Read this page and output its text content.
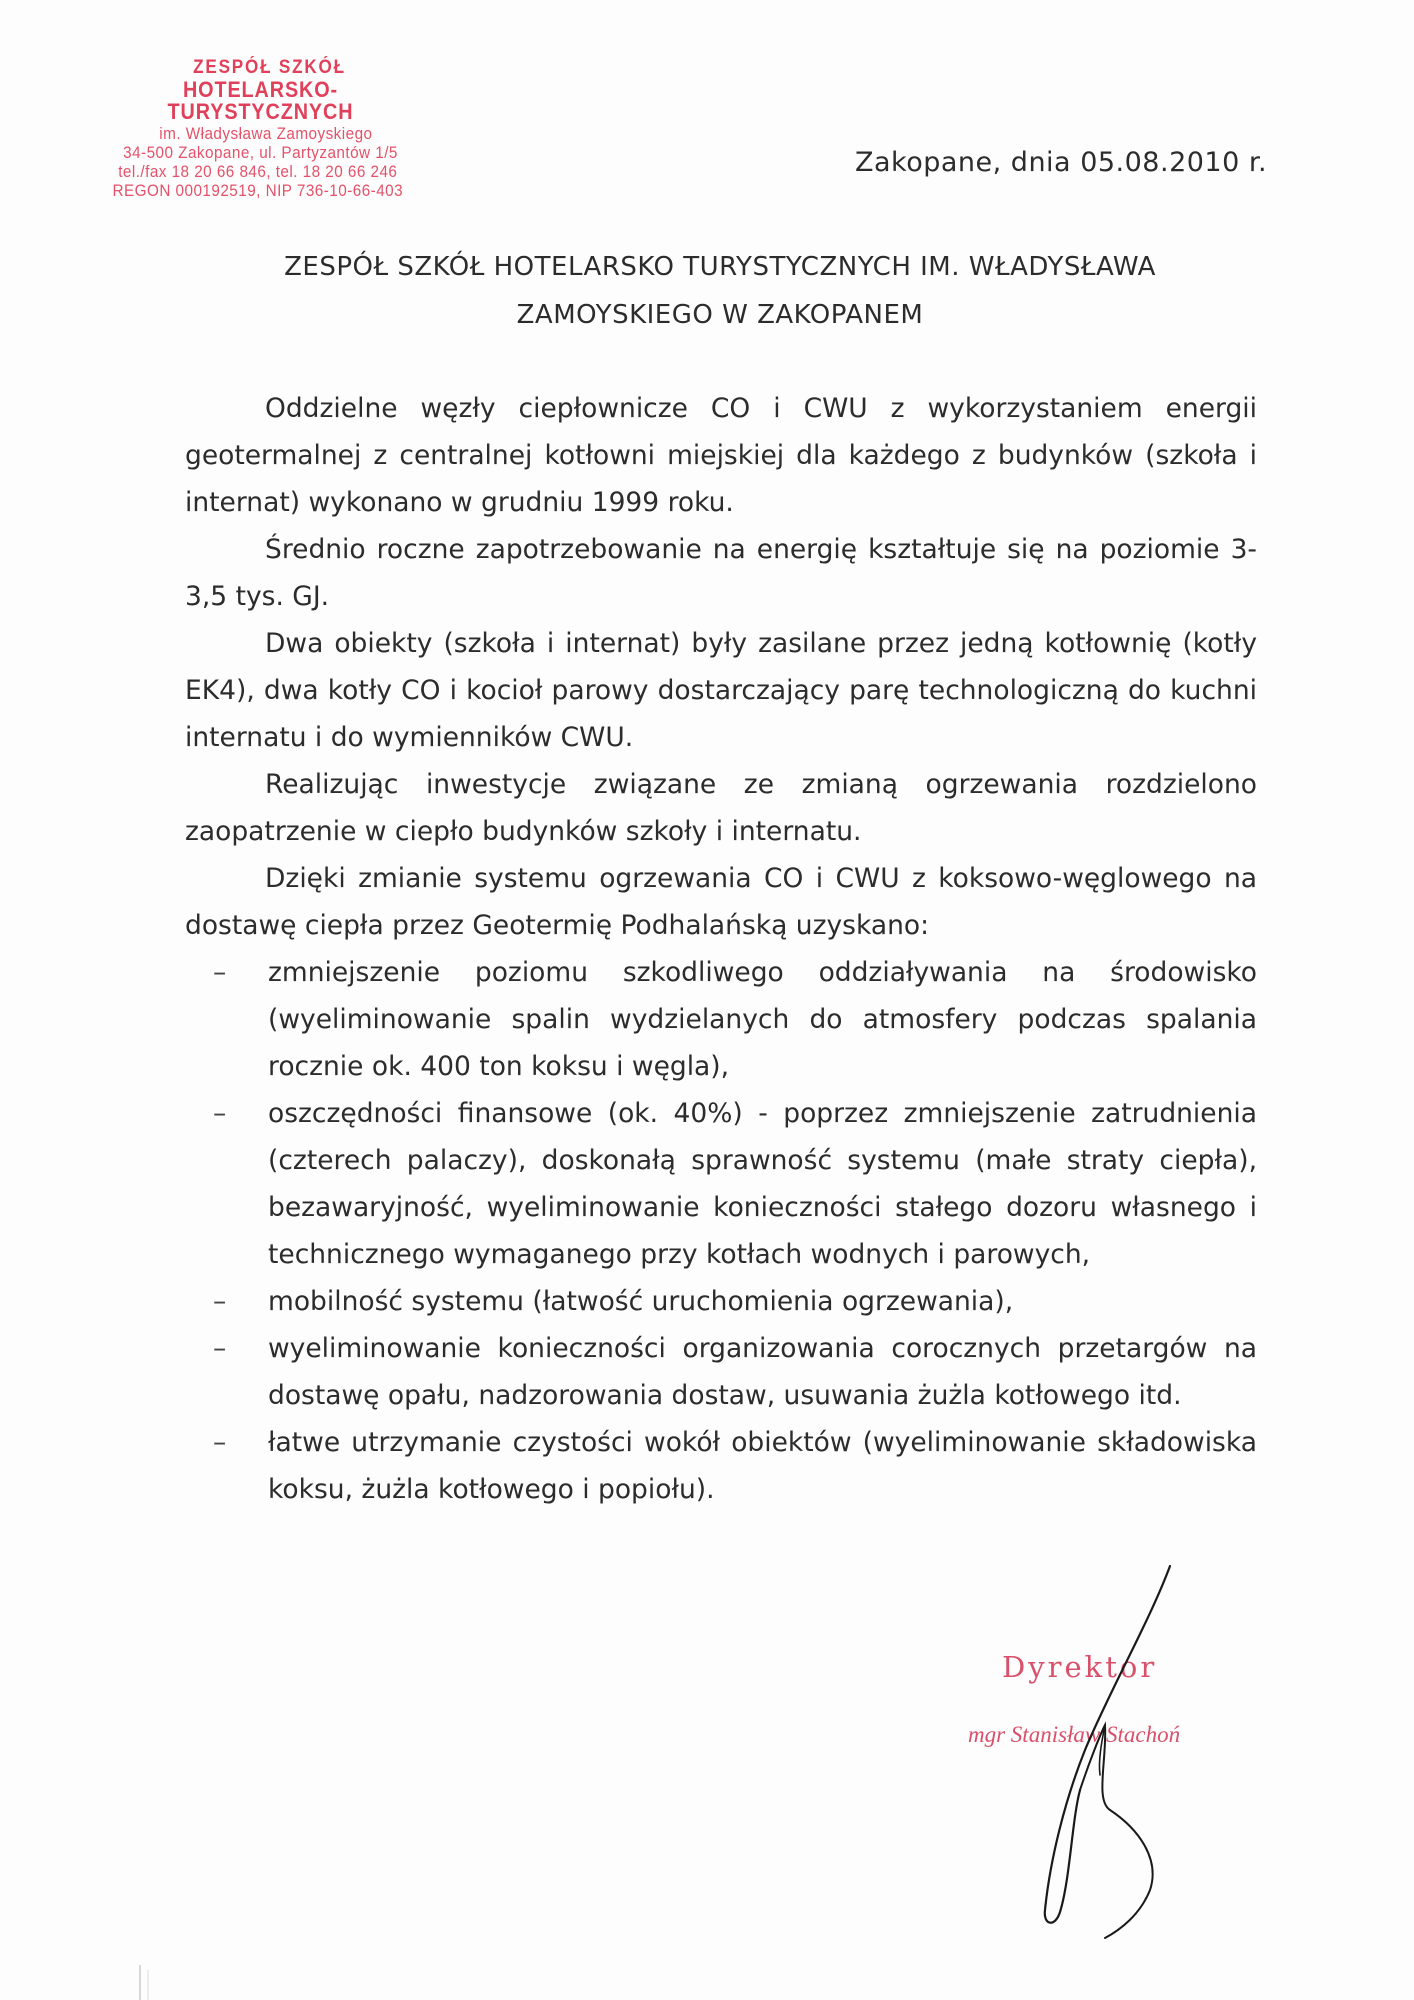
ZESPÓŁ SZKÓŁ
HOTELARSKO-TURYSTYCZNYCH
im. Władysława Zamoyskiego
34-500 Zakopane, ul. Partyzantów 1/5
tel./fax 18 20 66 846, tel. 18 20 66 246
REGON 000192519, NIP 736-10-66-403
Zakopane, dnia 05.08.2010 r.
ZESPÓŁ SZKÓŁ HOTELARSKO TURYSTYCZNYCH IM. WŁADYSŁAWA
ZAMOYSKIEGO W ZAKOPANEM

Oddzielne węzły ciepłownicze CO i CWU z wykorzystaniem energii geotermalnej z centralnej kotłowni miejskiej dla każdego z budynków (szkoła i internat) wykonano w grudniu 1999 roku.

Średnio roczne zapotrzebowanie na energię kształtuje się na poziomie 3-3,5 tys. GJ.

Dwa obiekty (szkoła i internat) były zasilane przez jedną kotłownię (kotły EK4), dwa kotły CO i kocioł parowy dostarczający parę technologiczną do kuchni internatu i do wymienników CWU.

Realizując inwestycje związane ze zmianą ogrzewania rozdzielono zaopatrzenie w ciepło budynków szkoły i internatu.

Dzięki zmianie systemu ogrzewania CO i CWU z koksowo-węglowego na dostawę ciepła przez Geotermię Podhalańską uzyskano:

– zmniejszenie poziomu szkodliwego oddziaływania na środowisko (wyeliminowanie spalin wydzielanych do atmosfery podczas spalania rocznie ok. 400 ton koksu i węgla),
– oszczędności finansowe (ok. 40%) - poprzez zmniejszenie zatrudnienia (czterech palaczy), doskonałą sprawność systemu (małe straty ciepła), bezawaryjność, wyeliminowanie konieczności stałego dozoru własnego i technicznego wymaganego przy kotłach wodnych i parowych,
– mobilność systemu (łatwość uruchomienia ogrzewania),
– wyeliminowanie konieczności organizowania corocznych przetargów na dostawę opału, nadzorowania dostaw, usuwania żużla kotłowego itd.
– łatwe utrzymanie czystości wokół obiektów (wyeliminowanie składowiska koksu, żużla kotłowego i popiołu).
Dyrektor
mgr Stanisław Stachoń
